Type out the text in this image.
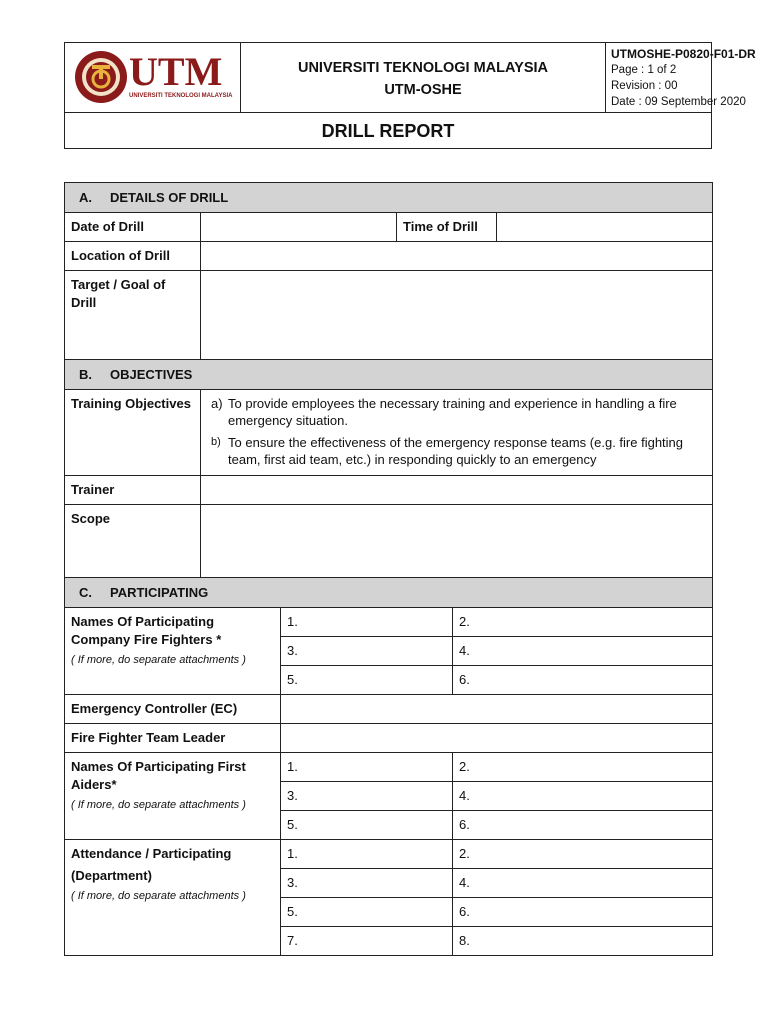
UTM
UNIVERSITI TEKNOLOGI MALAYSIA
UNIVERSITI TEKNOLOGI MALAYSIA
UTM-OSHE
UTMOSHE-P0820-F01-DR
Page : 1 of 2
Revision : 00
Date : 09 September 2020
DRILL REPORT
A. DETAILS OF DRILL					
Date of Drill			Time of Drill		
Location of Drill					
Target / Goal of Drill					
B. OBJECTIVES					
Training Objectives	a) To provide employees the necessary training and experience in handling a fire emergency situation.
b) To ensure the effectiveness of the emergency response teams (e.g. fire fighting team, first aid team, etc.) in responding quickly to an emergency				

Trainer					
Scope					
C. PARTICIPATING					
Names Of Participating Company Fire Fighters *
( If more, do separate attachments )		1.		2.	
		3.		4.	
		5.		6.	
Emergency Controller (EC)					
Fire Fighter Team Leader					
Names Of Participating First Aiders*
( If more, do separate attachments )		1.		2.	
		3.		4.	
		5.		6.	
Attendance / Participating
(Department)
( If more, do separate attachments )		1.		2.	
		3.		4.	
		5.		6.	
		7.		8.	
